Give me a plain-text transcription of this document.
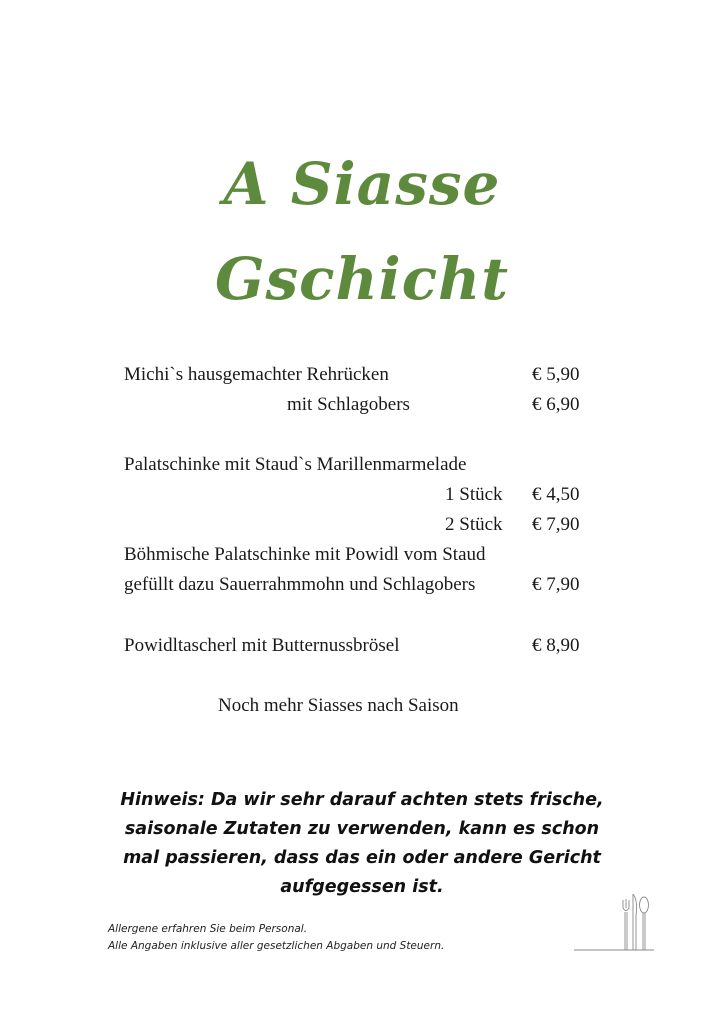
A Siasse
Gschicht
Michi`s hausgemachter Rehrücken	€ 5,90
mit Schlagobers	€ 6,90
Palatschinke mit Staud`s Marillenmarmelade
1 Stück € 4,50
2 Stück € 7,90
Böhmische Palatschinke mit Powidl vom Staud
gefüllt dazu Sauerrahmmohn und Schlagobers	€ 7,90
Powidltascherl mit Butternussbrösel	€ 8,90
Noch mehr Siasses nach Saison

Hinweis: Da wir sehr darauf achten stets frische, saisonale Zutaten zu verwenden, kann es schon mal passieren, dass das ein oder andere Gericht aufgegessen ist.

Allergene erfahren Sie beim Personal.
Alle Angaben inklusive aller gesetzlichen Abgaben und Steuern.
